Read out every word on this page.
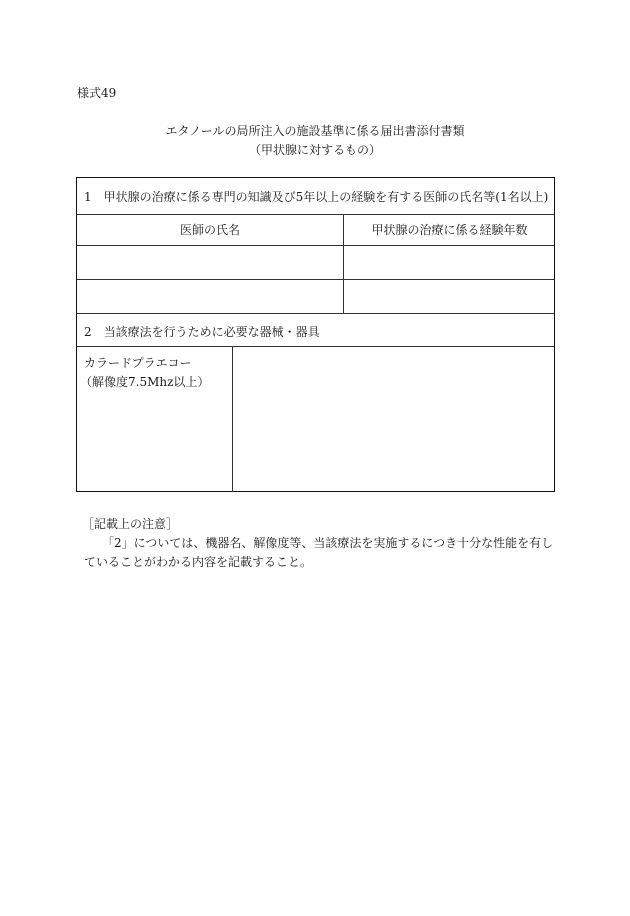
様式49
エタノールの局所注入の施設基準に係る届出書添付書類
（甲状腺に対するもの）
1　甲状腺の治療に係る専門の知識及び5年以上の経験を有する医師の氏名等(1名以上)
医師の氏名	甲状腺の治療に係る経験年数
2　当該療法を行うために必要な器械・器具
カラードプラエコー
（解像度7.5Mhz以上）
［記載上の注意］
「2」については、機器名、解像度等、当該療法を実施するにつき十分な性能を有していることがわかる内容を記載すること。
